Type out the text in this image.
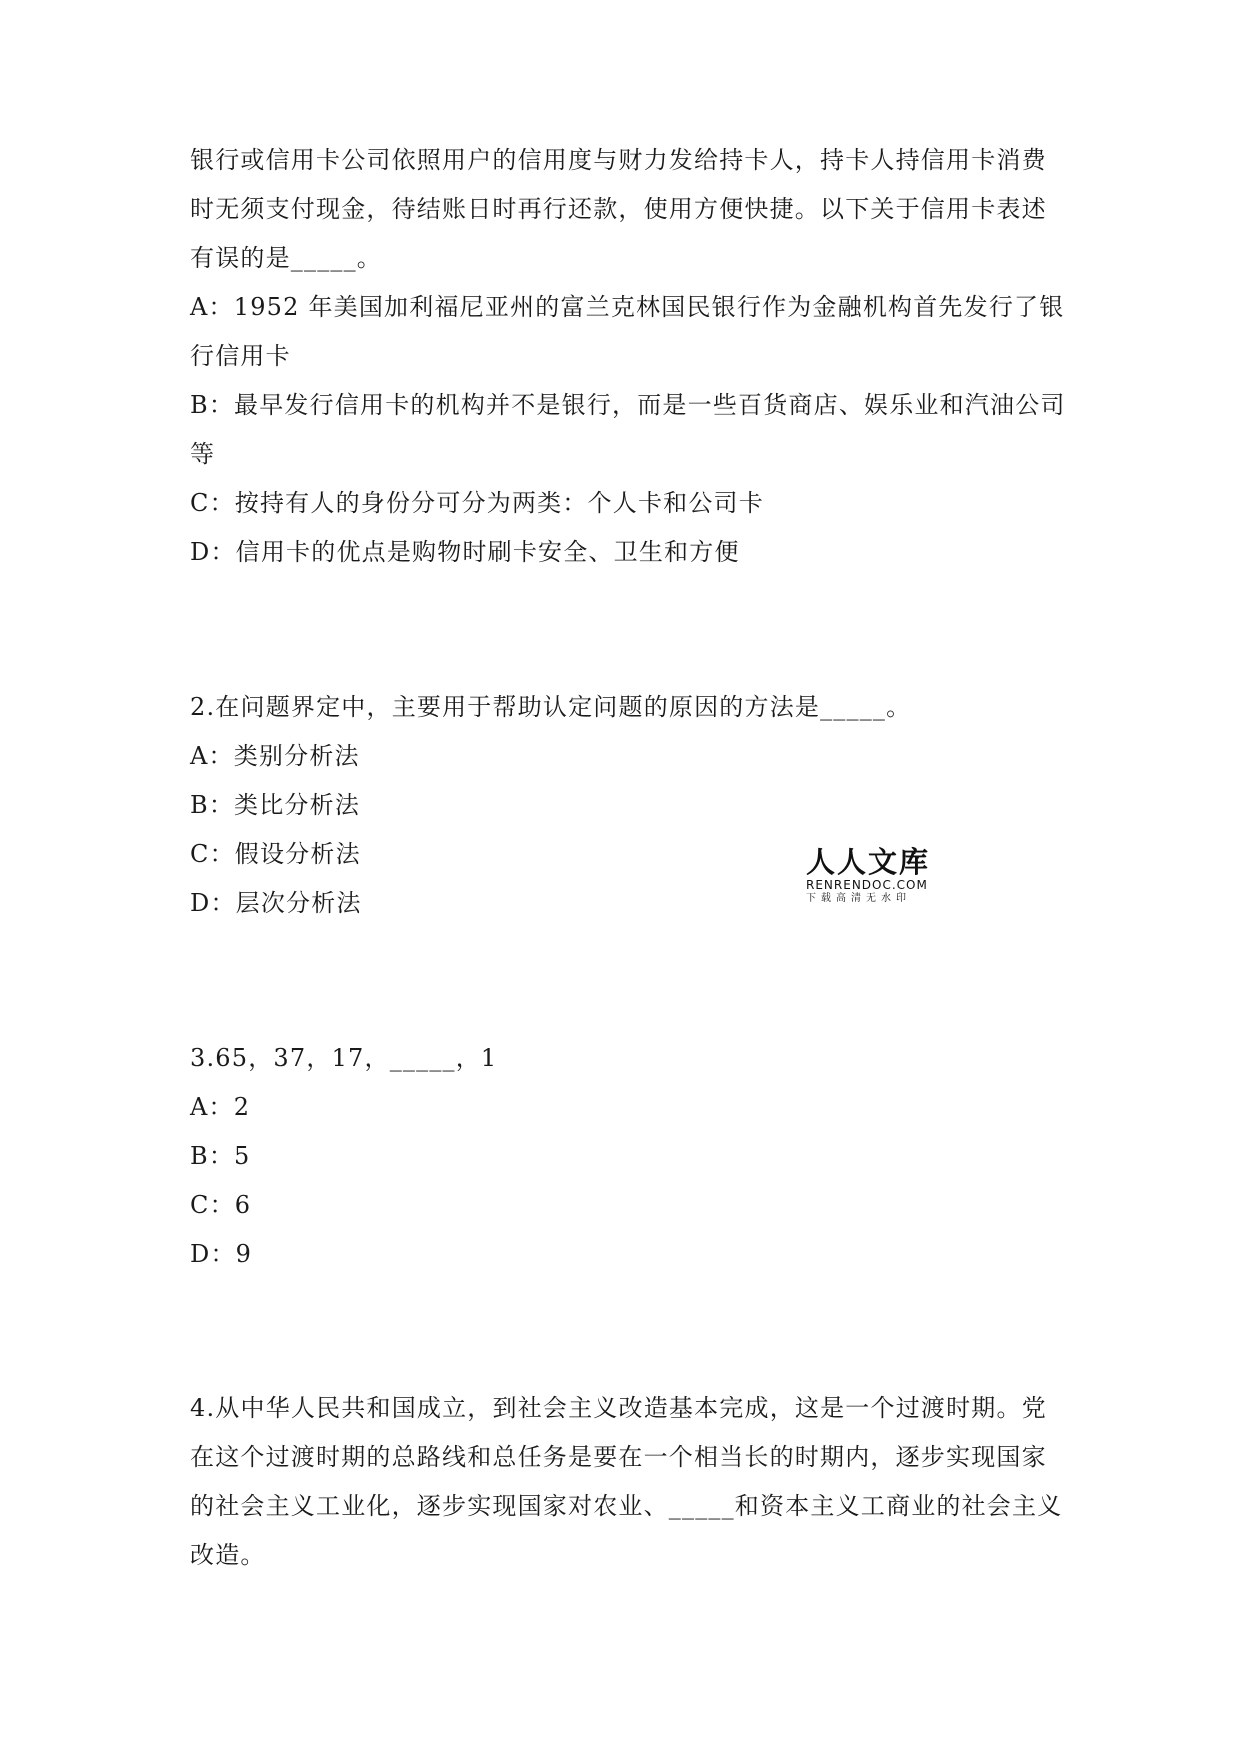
银行或信用卡公司依照用户的信用度与财力发给持卡人，持卡人持信用卡消费
时无须支付现金，待结账日时再行还款，使用方便快捷。以下关于信用卡表述
有误的是_____。
A：1952 年美国加利福尼亚州的富兰克林国民银行作为金融机构首先发行了银
行信用卡
B：最早发行信用卡的机构并不是银行，而是一些百货商店、娱乐业和汽油公司
等
C：按持有人的身份分可分为两类：个人卡和公司卡
D：信用卡的优点是购物时刷卡安全、卫生和方便
2.在问题界定中，主要用于帮助认定问题的原因的方法是_____。
A：类别分析法
B：类比分析法
C：假设分析法
D：层次分析法
3.65，37，17，_____，1
A：2
B：5
C：6
D：9
4.从中华人民共和国成立，到社会主义改造基本完成，这是一个过渡时期。党
在这个过渡时期的总路线和总任务是要在一个相当长的时期内，逐步实现国家
的社会主义工业化，逐步实现国家对农业、_____和资本主义工商业的社会主义
改造。
人人文库
RENRENDOC.COM
下载高清无水印
